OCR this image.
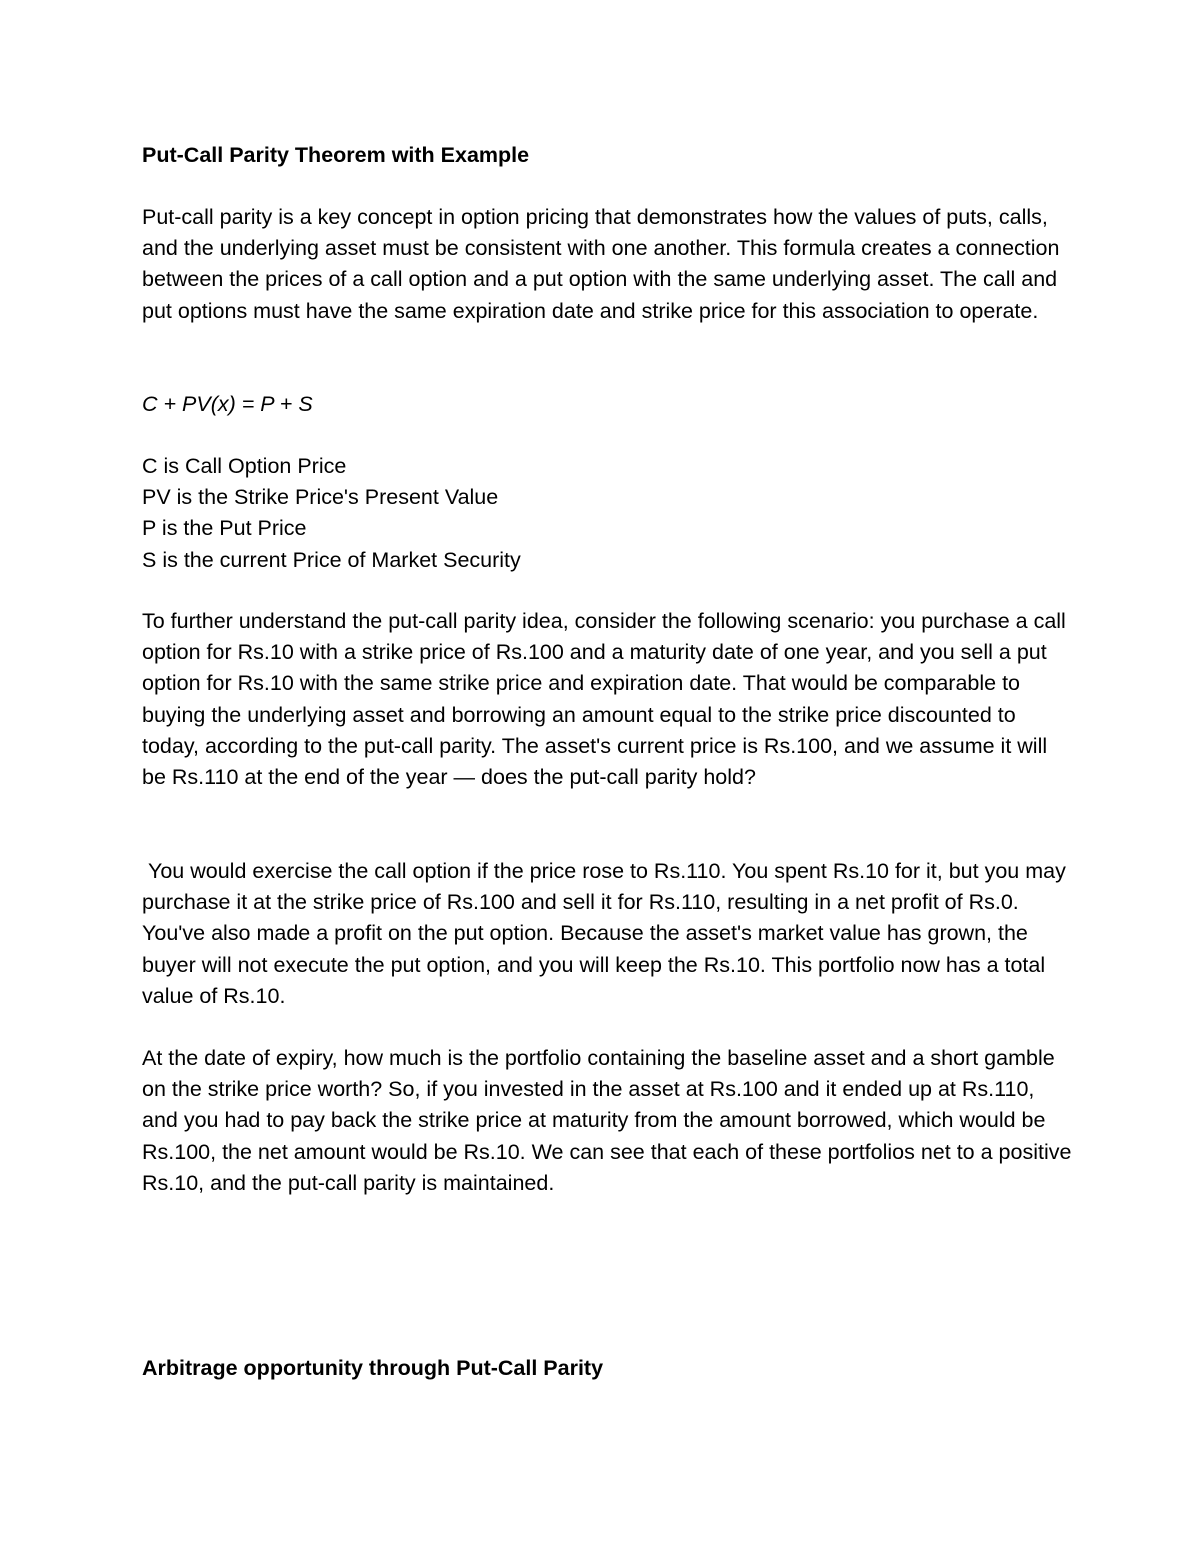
Put-Call Parity Theorem with Example

Put-call parity is a key concept in option pricing that demonstrates how the values of puts, calls, and the underlying asset must be consistent with one another. This formula creates a connection between the prices of a call option and a put option with the same underlying asset. The call and put options must have the same expiration date and strike price for this association to operate.

C + PV(x) = P + S
C is Call Option Price
PV is the Strike Price's Present Value
P is the Put Price
S is the current Price of Market Security

To further understand the put-call parity idea, consider the following scenario: you purchase a call option for Rs.10 with a strike price of Rs.100 and a maturity date of one year, and you sell a put option for Rs.10 with the same strike price and expiration date. That would be comparable to buying the underlying asset and borrowing an amount equal to the strike price discounted to today, according to the put-call parity. The asset's current price is Rs.100, and we assume it will be Rs.110 at the end of the year — does the put-call parity hold?

You would exercise the call option if the price rose to Rs.110. You spent Rs.10 for it, but you may purchase it at the strike price of Rs.100 and sell it for Rs.110, resulting in a net profit of Rs.0. You've also made a profit on the put option. Because the asset's market value has grown, the buyer will not execute the put option, and you will keep the Rs.10. This portfolio now has a total value of Rs.10.

At the date of expiry, how much is the portfolio containing the baseline asset and a short gamble on the strike price worth? So, if you invested in the asset at Rs.100 and it ended up at Rs.110, and you had to pay back the strike price at maturity from the amount borrowed, which would be Rs.100, the net amount would be Rs.10. We can see that each of these portfolios net to a positive Rs.10, and the put-call parity is maintained.

Arbitrage opportunity through Put-Call Parity
